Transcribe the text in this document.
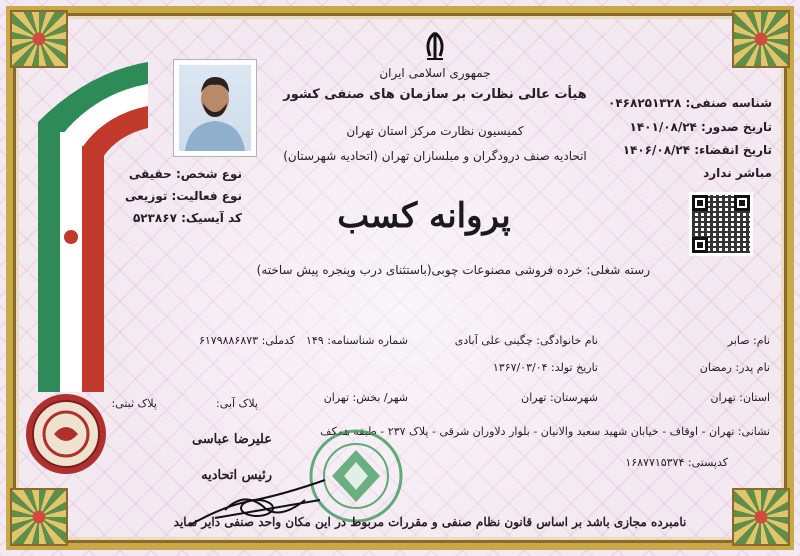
جمهوری اسلامی ایران
هیأت عالی نظارت بر سازمان های صنفی کشور
کمیسیون نظارت مرکز استان تهران
اتحادیه صنف درودگران و مبلسازان تهران (اتحادیه شهرستان)
پروانه کسب
شناسه صنفی: ۰۴۶۸۲۵۱۳۲۸
تاریخ صدور: ۱۴۰۱/۰۸/۲۴
تاریخ انقضاء: ۱۴۰۶/۰۸/۲۴
مباشر ندارد
نوع شخص: حقیقی
نوع فعالیت: توزیعی
کد آیسیک: ۵۲۳۸۶۷
رسته شغلی: خرده فروشی مصنوعات چوبی(باستثنای درب وپنجره پیش ساخته)
نام: صابر
نام خانوادگی: چگینی علی آبادی
شماره شناسنامه: ۱۴۹
کدملی: ۶۱۷۹۸۸۶۸۷۳
نام پدر: رمضان
تاریخ تولد: ۱۳۶۷/۰۳/۰۴
استان: تهران
شهرستان: تهران
شهر/ بخش: تهران
پلاک آبی:
پلاک ثبتی:
نشانی: تهران - اوقاف - خیابان شهید سعید والانیان - بلوار دلاوران شرقی - پلاک ۲۳۷ - طبقه همکف
کدپستی: ۱۶۸۷۷۱۵۳۷۴
علیرضا عباسی
رئیس اتحادیه
نامبرده مجازی باشد بر اساس قانون نظام صنفی و مقررات مربوط در این مکان واحد صنفی دایر نماید
